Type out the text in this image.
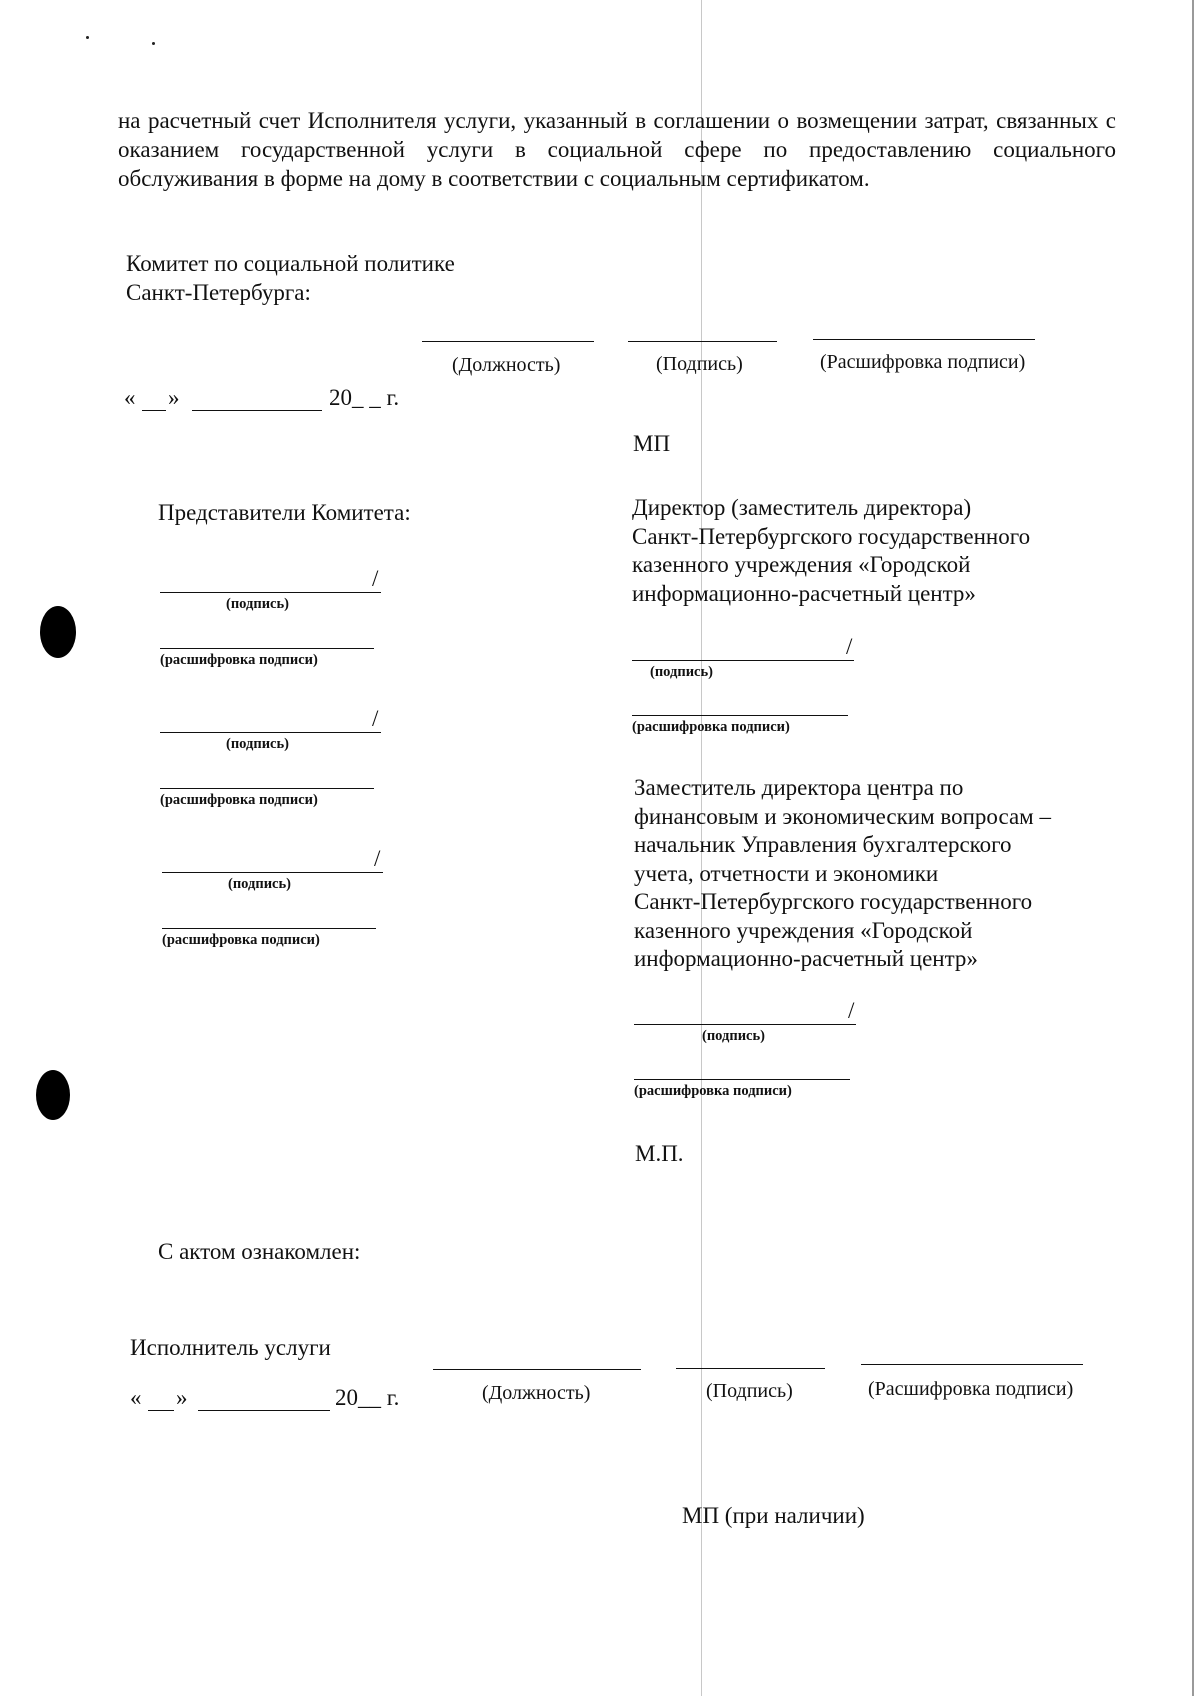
на расчетный счет Исполнителя услуги, указанный в соглашении о возмещении затрат, связанных с оказанием государственной услуги в социальной сфере по предоставлению социального обслуживания в форме на дому в соответствии с социальным сертификатом.
Комитет по социальной политике
Санкт-Петербурга:
(Должность)	(Подпись)	(Расшифровка подписи)
« »	20_ _ г.
МП
Представители Комитета:
/
(подпись)
(расшифровка подписи)
/
(подпись)
(расшифровка подписи)
/
(подпись)
(расшифровка подписи)
Директор (заместитель директора)
Санкт-Петербургского государственного
казенного учреждения «Городской
информационно-расчетный центр»
/
(подпись)
(расшифровка подписи)
Заместитель директора центра по
финансовым и экономическим вопросам –
начальник Управления бухгалтерского
учета, отчетности и экономики
Санкт-Петербургского государственного
казенного учреждения «Городской
информационно-расчетный центр»
/
(подпись)
(расшифровка подписи)
М.П.
С актом ознакомлен:
Исполнитель услуги
(Должность)	(Подпись)	(Расшифровка подписи)
« »	20__ г.
МП (при наличии)
